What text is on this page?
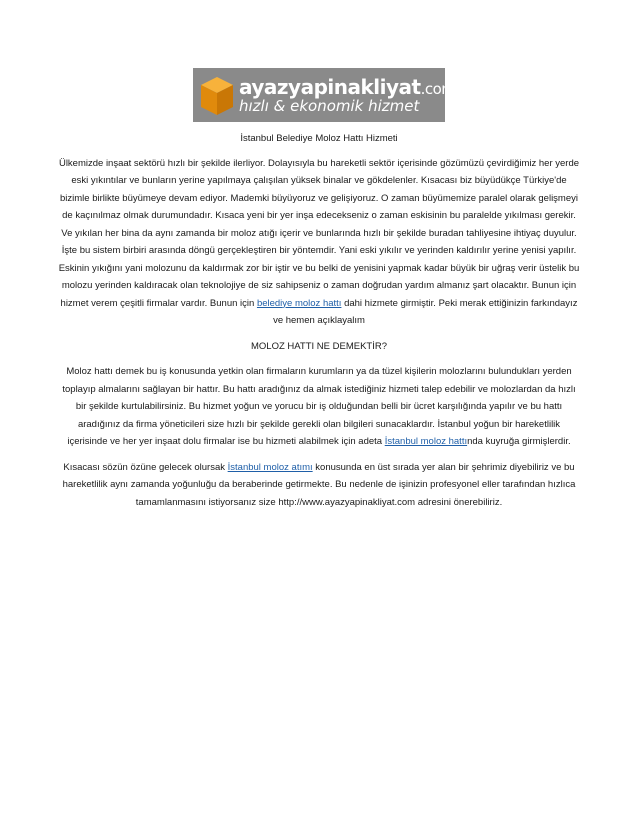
ayazyapinakliyat.com
hızlı & ekonomik hizmet

İstanbul Belediye Moloz Hattı Hizmeti

Ülkemizde inşaat sektörü hızlı bir şekilde ilerliyor. Dolayısıyla bu hareketli sektör içerisinde gözümüzü çevirdiğimiz her yerde eski yıkıntılar ve bunların yerine yapılmaya çalışılan yüksek binalar ve gökdelenler. Kısacası biz büyüdükçe Türkiye'de bizimle birlikte büyümeye devam ediyor. Mademki büyüyoruz ve gelişiyoruz. O zaman büyümemize paralel olarak gelişmeyi de kaçınılmaz olmak durumundadır. Kısaca yeni bir yer inşa edecekseniz o zaman eskisinin bu paralelde yıkılması gerekir. Ve yıkılan her bina da aynı zamanda bir moloz atığı içerir ve bunlarında hızlı bir şekilde buradan tahliyesine ihtiyaç duyulur. İşte bu sistem birbiri arasında döngü gerçekleştiren bir yöntemdir. Yani eski yıkılır ve yerinden kaldırılır yerine yenisi yapılır. Eskinin yıkığını yani molozunu da kaldırmak zor bir iştir ve bu belki de yenisini yapmak kadar büyük bir uğraş verir üstelik bu molozu yerinden kaldıracak olan teknolojiye de siz sahipseniz o zaman doğrudan yardım almanız şart olacaktır. Bunun için hizmet verem çeşitli firmalar vardır. Bunun için belediye moloz hattı dahi hizmete girmiştir. Peki merak ettiğinizin farkındayız ve hemen açıklayalım

MOLOZ HATTI NE DEMEKTİR?

Moloz hattı demek bu iş konusunda yetkin olan firmaların kurumların ya da tüzel kişilerin molozlarını bulundukları yerden toplayıp almalarını sağlayan bir hattır. Bu hattı aradığınız da almak istediğiniz hizmeti talep edebilir ve molozlardan da hızlı bir şekilde kurtulabilirsiniz. Bu hizmet yoğun ve yorucu bir iş olduğundan belli bir ücret karşılığında yapılır ve bu hattı aradığınız da firma yöneticileri size hızlı bir şekilde gerekli olan bilgileri sunacaklardır. İstanbul yoğun bir hareketlilik içerisinde ve her yer inşaat dolu firmalar ise bu hizmeti alabilmek için adeta İstanbul moloz hattında kuyruğa girmişlerdir.

Kısacası sözün özüne gelecek olursak İstanbul moloz atımı konusunda en üst sırada yer alan bir şehrimiz diyebiliriz ve bu hareketlilik aynı zamanda yoğunluğu da beraberinde getirmekte. Bu nedenle de işinizin profesyonel eller tarafından hızlıca tamamlanmasını istiyorsanız size http://www.ayazyapinakliyat.com adresini önerebiliriz.
